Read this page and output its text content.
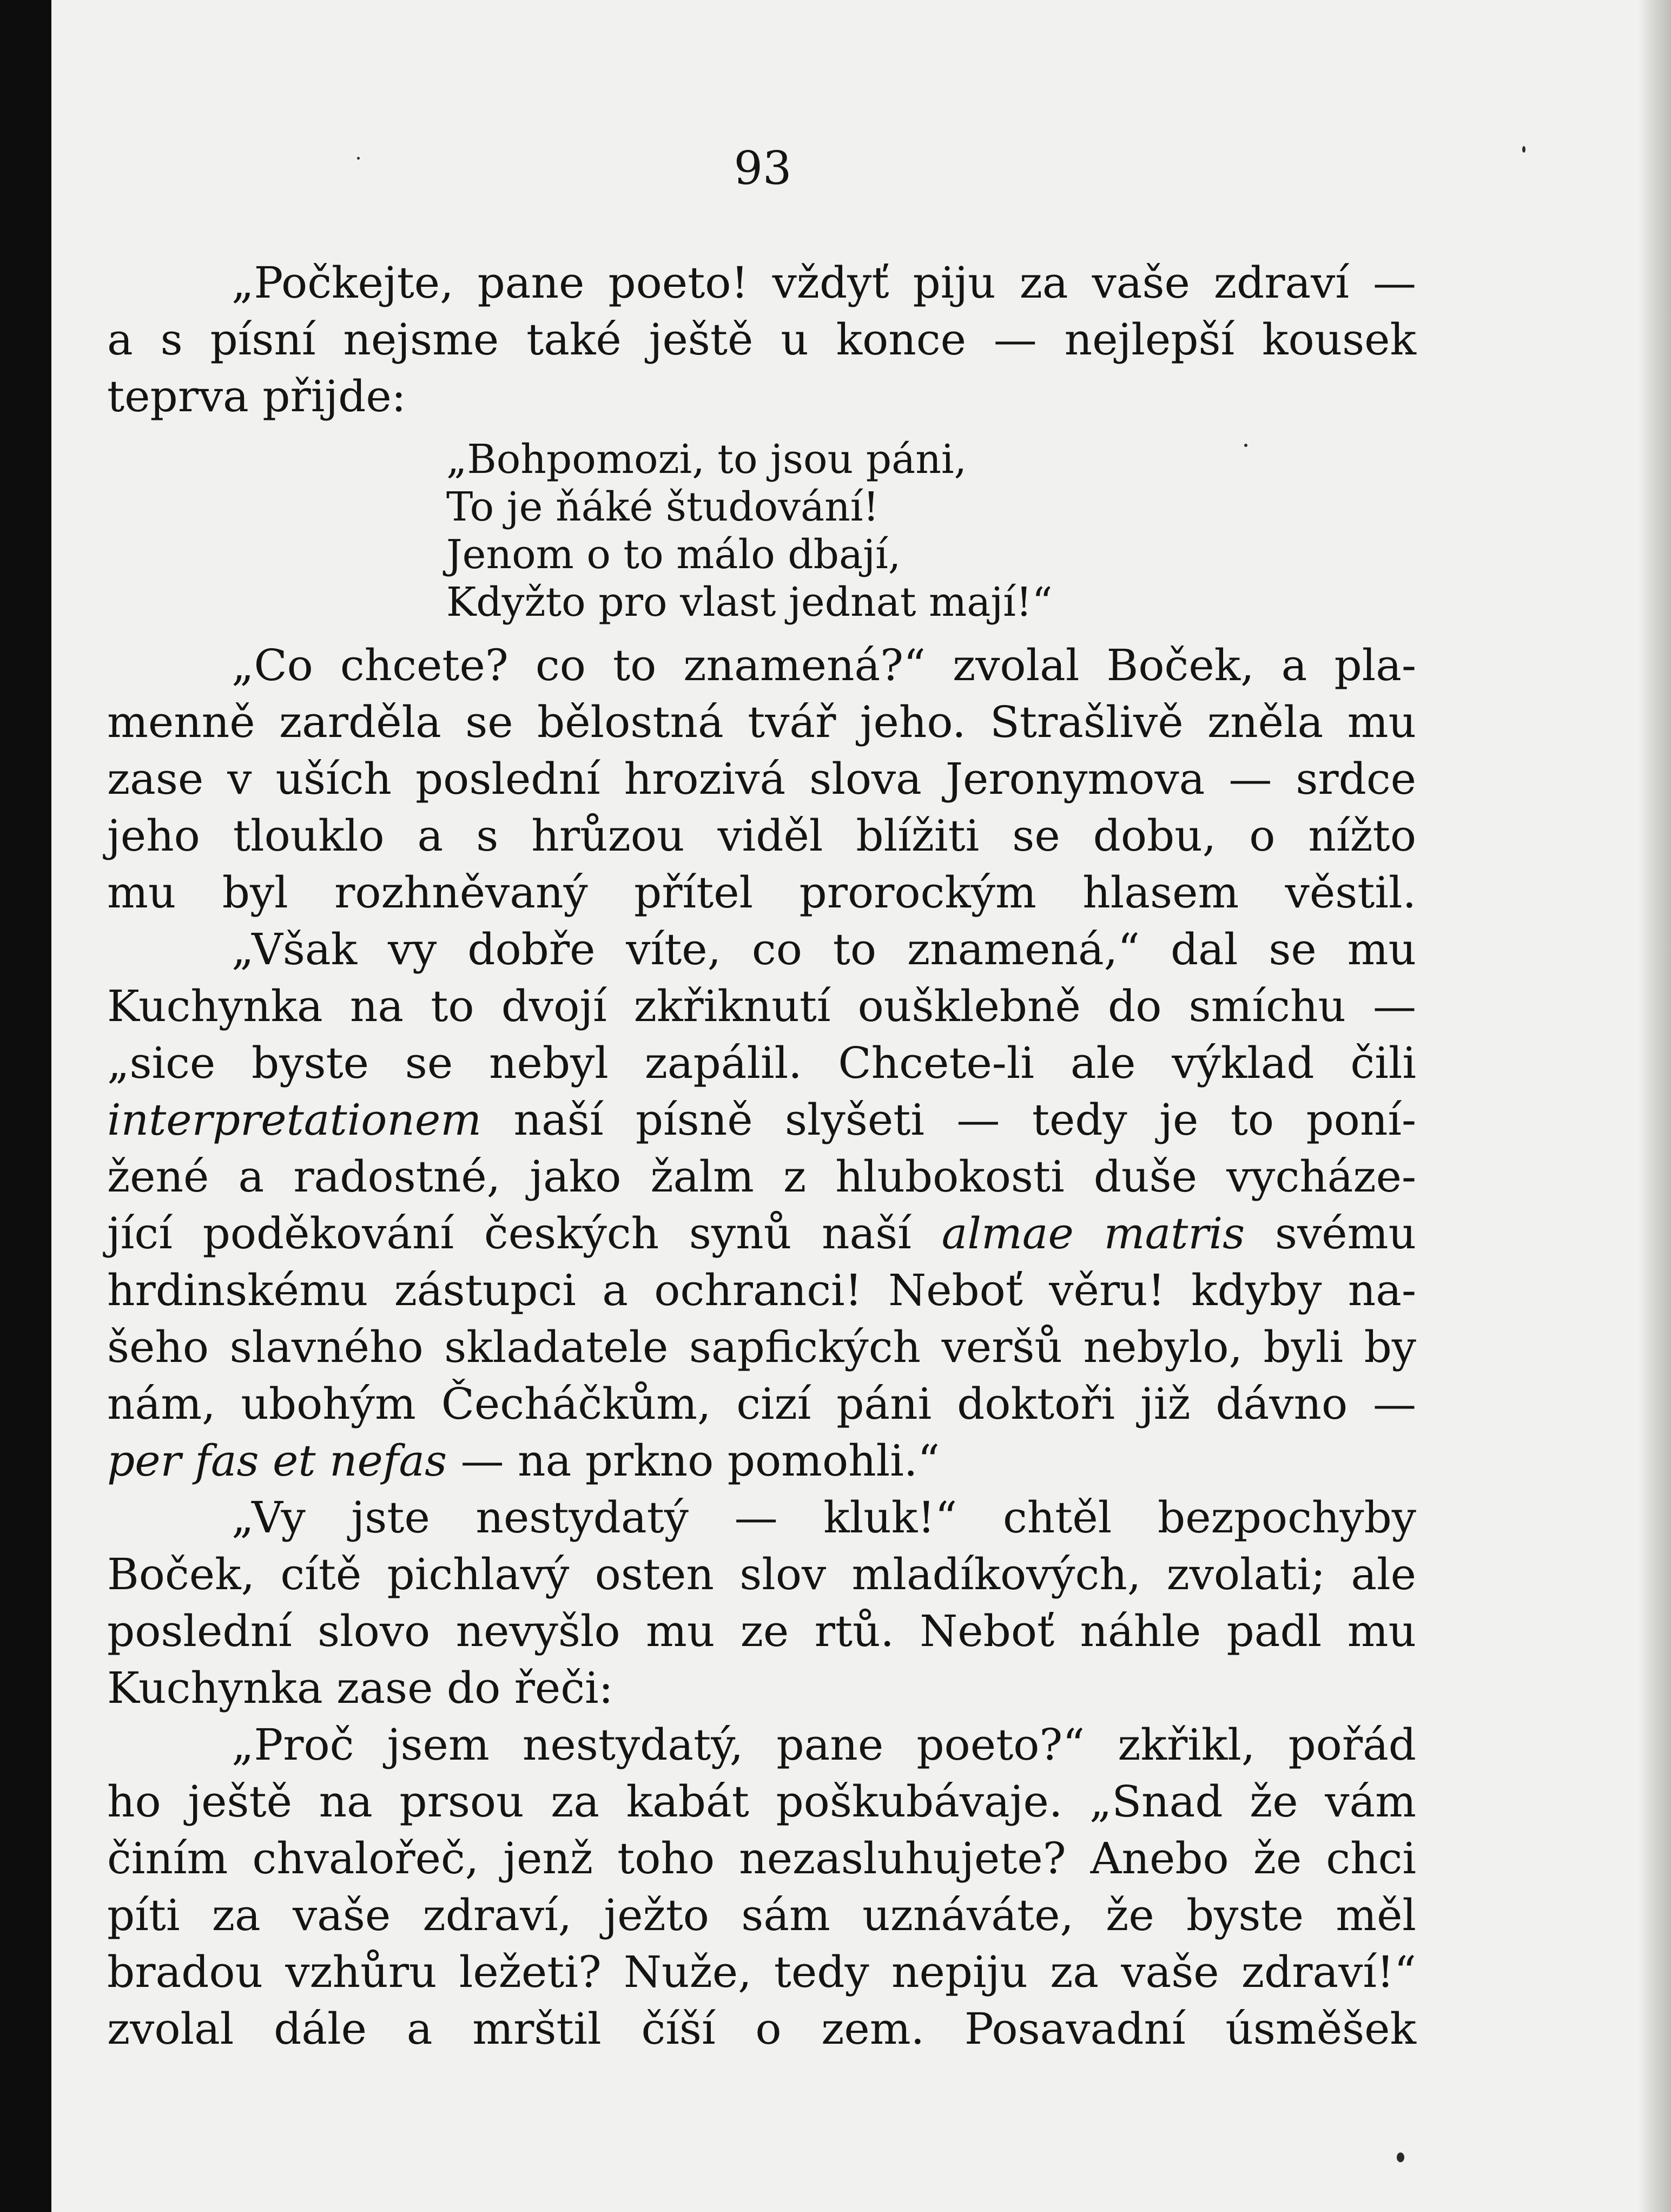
93

„Počkejte, pane poeto! vždyť piju za vaše zdraví —
a s písní nejsme také ještě u konce — nejlepší kousek
teprva přijde:

„Bohpomozi, to jsou páni,
To je ňáké študování!
Jenom o to málo dbají,
Kdyžto pro vlast jednat mají!“

„Co chcete? co to znamená?“ zvolal Boček, a pla-
menně zarděla se bělostná tvář jeho. Strašlivě zněla mu
zase v uších poslední hrozivá slova Jeronymova — srdce
jeho tlouklo a s hrůzou viděl blížiti se dobu, o nížto
mu byl rozhněvaný přítel prorockým hlasem věstil.

„Však vy dobře víte, co to znamená,“ dal se mu
Kuchynka na to dvojí zkřiknutí oušklebně do smíchu —
„sice byste se nebyl zapálil. Chcete-li ale výklad čili
interpretationem naší písně slyšeti — tedy je to poní-
žené a radostné, jako žalm z hlubokosti duše vycháze-
jící poděkování českých synů naší almae matris svému
hrdinskému zástupci a ochranci! Neboť věru! kdyby na-
šeho slavného skladatele sapfických veršů nebylo, byli by
nám, ubohým Čecháčkům, cizí páni doktoři již dávno —
per fas et nefas — na prkno pomohli.“

„Vy jste nestydatý — kluk!“ chtěl bezpochyby
Boček, cítě pichlavý osten slov mladíkových, zvolati; ale
poslední slovo nevyšlo mu ze rtů. Neboť náhle padl mu
Kuchynka zase do řeči:

„Proč jsem nestydatý, pane poeto?“ zkřikl, pořád
ho ještě na prsou za kabát poškubávaje. „Snad že vám
činím chvalořeč, jenž toho nezasluhujete? Anebo že chci
píti za vaše zdraví, ježto sám uznáváte, že byste měl
bradou vzhůru ležeti? Nuže, tedy nepiju za vaše zdraví!“
zvolal dále a mrštil číší o zem. Posavadní úsměšek
